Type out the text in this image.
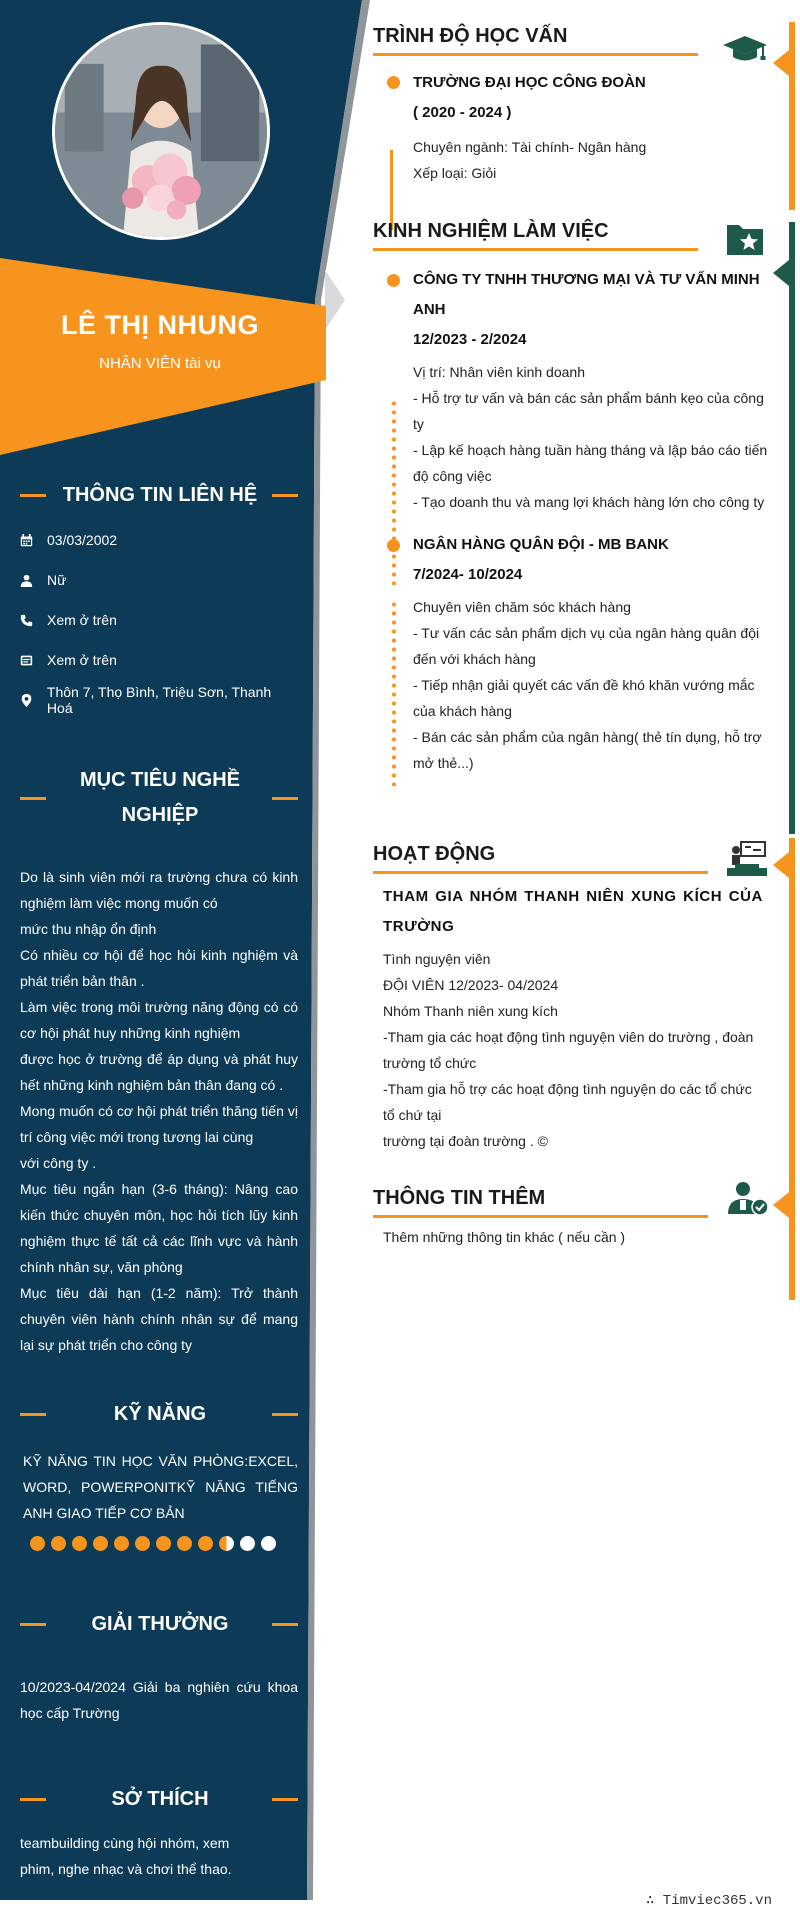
LÊ THỊ NHUNG
NHÂN VIÊN tài vụ
THÔNG TIN LIÊN HỆ
03/03/2002
Nữ
Xem ở trên
Xem ở trên
Thôn 7, Thọ Bình, Triệu Sơn, Thanh Hoá
MỤC TIÊU NGHỀ
NGHIỆP
Do là sinh viên mới ra trường chưa có kinh nghiệm làm việc mong muốn có
mức thu nhập ổn định
Có nhiều cơ hội để học hỏi kinh nghiệm và phát triển bản thân .
Làm việc trong môi trường năng động có có cơ hội phát huy những kinh nghiệm
được học ở trường để áp dụng và phát huy hết những kinh nghiệm bản thân đang có .
Mong muốn có cơ hội phát triển thăng tiến vị trí công việc mới trong tương lai cùng
với công ty .
Mục tiêu ngắn hạn (3-6 tháng): Nâng cao kiến thức chuyên môn, học hỏi tích lũy kinh nghiệm thực tế tất cả các lĩnh vực và hành chính nhân sự, văn phòng
Mục tiêu dài hạn (1-2 năm): Trở thành chuyên viên hành chính nhân sự để mang lại sự phát triển cho công ty
KỸ NĂNG
KỸ NĂNG TIN HỌC VĂN PHÒNG:EXCEL, WORD, POWERPONITKỸ NĂNG TIẾNG ANH GIAO TIẾP CƠ BẢN
GIẢI THƯỞNG
10/2023-04/2024 Giải ba nghiên cứu khoa học cấp Trường
SỞ THÍCH
teambuilding cùng hội nhóm, xem phim, nghe nhạc và chơi thể thao.
TRÌNH ĐỘ HỌC VẤN
TRƯỜNG ĐẠI HỌC CÔNG ĐOÀN
( 2020 - 2024 )
Chuyên ngành: Tài chính- Ngân hàng
Xếp loại: Giỏi
KINH NGHIỆM LÀM VIỆC
CÔNG TY TNHH THƯƠNG MẠI VÀ TƯ VẤN MINH ANH
12/2023 - 2/2024
Vị trí: Nhân viên kinh doanh
- Hỗ trợ tư vấn và bán các sản phẩm bánh kẹo của công ty
- Lập kế hoạch hàng tuần hàng tháng và lập báo cáo tiến độ công việc
- Tạo doanh thu và mang lợi khách hàng lớn cho công ty
NGÂN HÀNG QUÂN ĐỘI - MB BANK
7/2024- 10/2024
Chuyên viên chăm sóc khách hàng
- Tư vấn các sản phẩm dịch vụ của ngân hàng quân đội đến với khách hàng
- Tiếp nhận giải quyết các vấn đề khó khăn vướng mắc của khách hàng
- Bán các sản phẩm của ngân hàng( thẻ tín dụng, hỗ trợ mở thẻ...)
HOẠT ĐỘNG
THAM GIA NHÓM THANH NIÊN XUNG KÍCH CỦA TRƯỜNG
Tình nguyện viên
ĐỘI VIÊN 12/2023- 04/2024
Nhóm Thanh niên xung kích
-Tham gia các hoạt động tình nguyện viên do trường , đoàn trường tổ chức
-Tham gia hỗ trợ các hoạt động tình nguyện do các tổ chức tổ chứ tại
trường tại đoàn trường . ©
THÔNG TIN THÊM
Thêm những thông tin khác ( nếu cần )
∴ Timviec365.vn
